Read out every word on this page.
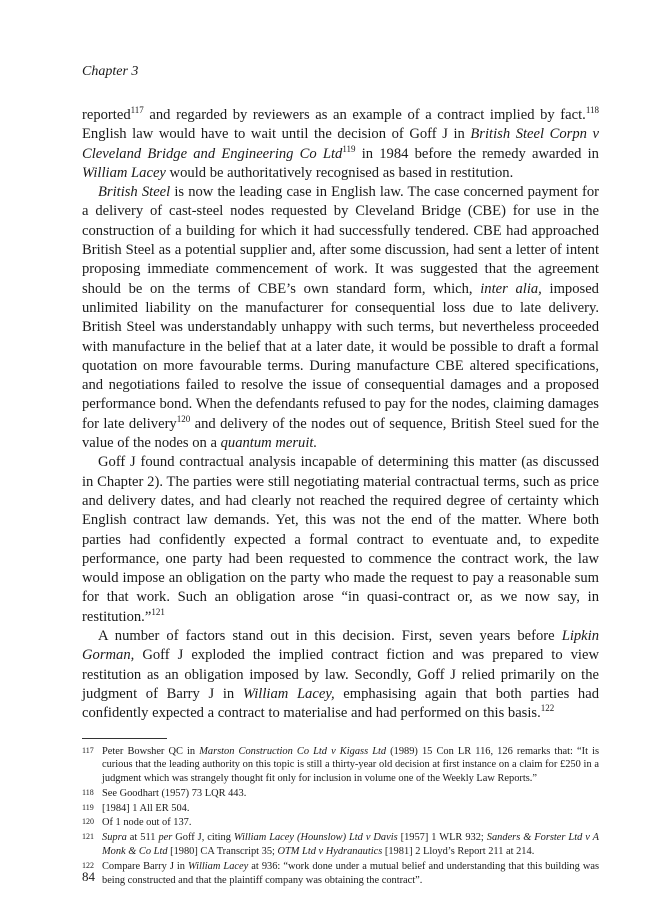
Chapter 3

reported$^{117}$ and regarded by reviewers as an example of a contract implied by fact.$^{118}$ English law would have to wait until the decision of Goff J in British Steel Corpn v Cleveland Bridge and Engineering Co Ltd$^{119}$ in 1984 before the remedy awarded in William Lacey would be authoritatively recognised as based in restitution.

British Steel is now the leading case in English law. The case concerned payment for a delivery of cast-steel nodes requested by Cleveland Bridge (CBE) for use in the construction of a building for which it had successfully tendered. CBE had approached British Steel as a potential supplier and, after some discussion, had sent a letter of intent proposing immediate commencement of work. It was suggested that the agreement should be on the terms of CBE’s own standard form, which, inter alia, imposed unlimited liability on the manufacturer for consequential loss due to late delivery. British Steel was understandably unhappy with such terms, but nevertheless proceeded with manufacture in the belief that at a later date, it would be possible to draft a formal quotation on more favourable terms. During manufacture CBE altered specifications, and negotiations failed to resolve the issue of consequential damages and a proposed performance bond. When the defendants refused to pay for the nodes, claiming damages for late delivery$^{120}$ and delivery of the nodes out of sequence, British Steel sued for the value of the nodes on a quantum meruit.

Goff J found contractual analysis incapable of determining this matter (as discussed in Chapter 2). The parties were still negotiating material contractual terms, such as price and delivery dates, and had clearly not reached the required degree of certainty which English contract law demands. Yet, this was not the end of the matter. Where both parties had confidently expected a formal contract to eventuate and, to expedite performance, one party had been requested to commence the contract work, the law would impose an obligation on the party who made the request to pay a reasonable sum for that work. Such an obligation arose “in quasi-contract or, as we now say, in restitution.”$^{121}$

A number of factors stand out in this decision. First, seven years before Lipkin Gorman, Goff J exploded the implied contract fiction and was prepared to view restitution as an obligation imposed by law. Secondly, Goff J relied primarily on the judgment of Barry J in William Lacey, emphasising again that both parties had confidently expected a contract to materialise and had performed on this basis.$^{122}$

117 Peter Bowsher QC in Marston Construction Co Ltd v Kigass Ltd (1989) 15 Con LR 116, 126 remarks that: “It is curious that the leading authority on this topic is still a thirty-year old decision at first instance on a claim for £250 in a judgment which was strangely thought fit only for inclusion in volume one of the Weekly Law Reports.”
118 See Goodhart (1957) 73 LQR 443.
119 [1984] 1 All ER 504.
120 Of 1 node out of 137.
121 Supra at 511 per Goff J, citing William Lacey (Hounslow) Ltd v Davis [1957] 1 WLR 932; Sanders & Forster Ltd v A Monk & Co Ltd [1980] CA Transcript 35; OTM Ltd v Hydranautics [1981] 2 Lloyd’s Report 211 at 214.
122 Compare Barry J in William Lacey at 936: “work done under a mutual belief and understanding that this building was being constructed and that the plaintiff company was obtaining the contract”.
84
